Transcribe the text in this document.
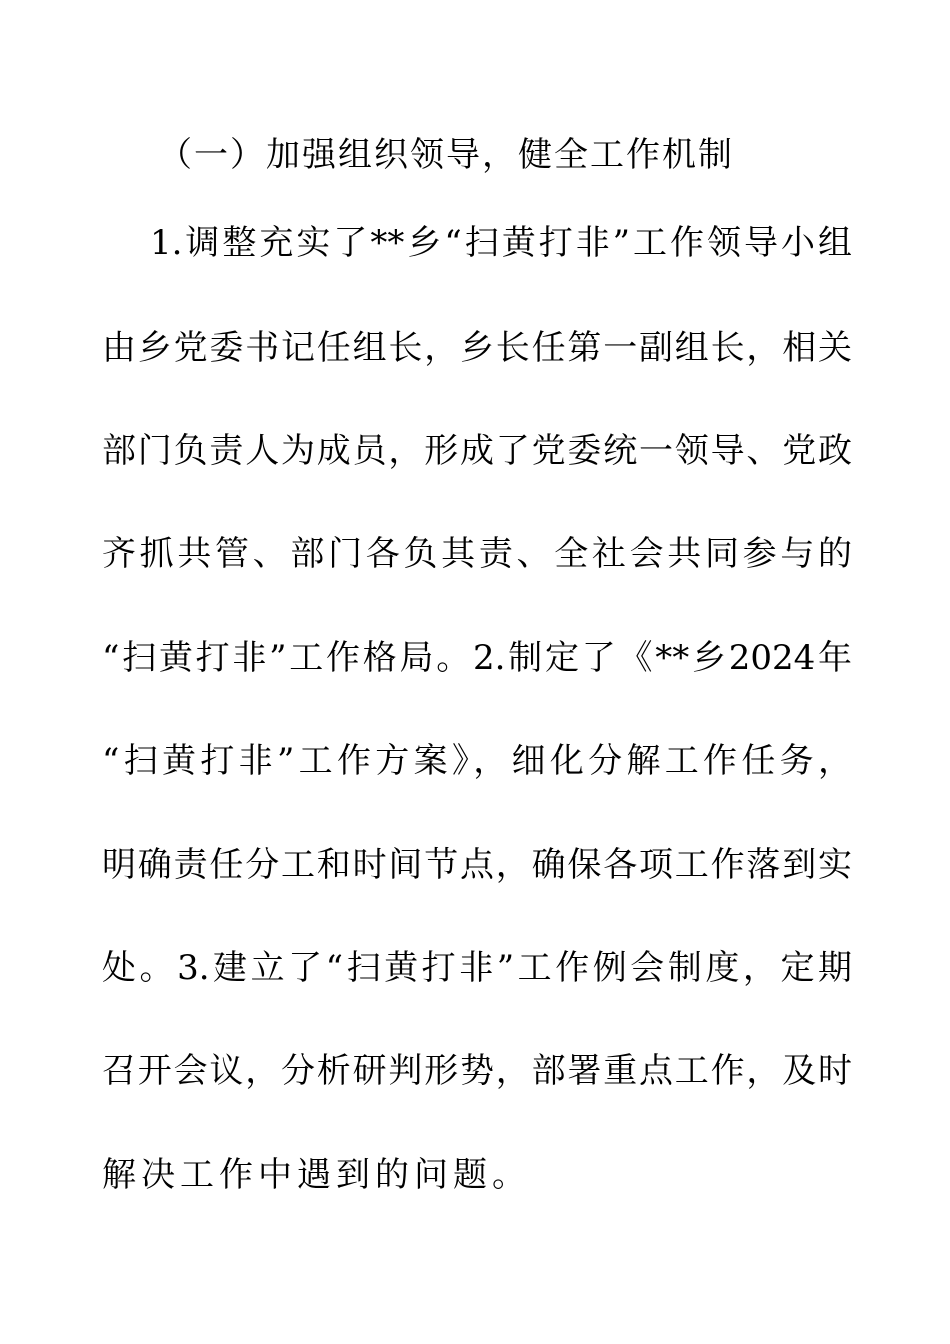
（一）加强组织领导，健全工作机制
1.调整充实了**乡“扫黄打非”工作领导小组
由乡党委书记任组长，乡长任第一副组长，相关
部门负责人为成员，形成了党委统一领导、党政
齐抓共管、部门各负其责、全社会共同参与的
“扫黄打非”工作格局。2.制定了《**乡2024年
“扫黄打非”工作方案》，细化分解工作任务，
明确责任分工和时间节点，确保各项工作落到实
处。3.建立了“扫黄打非”工作例会制度，定期
召开会议，分析研判形势，部署重点工作，及时
解决工作中遇到的问题。
